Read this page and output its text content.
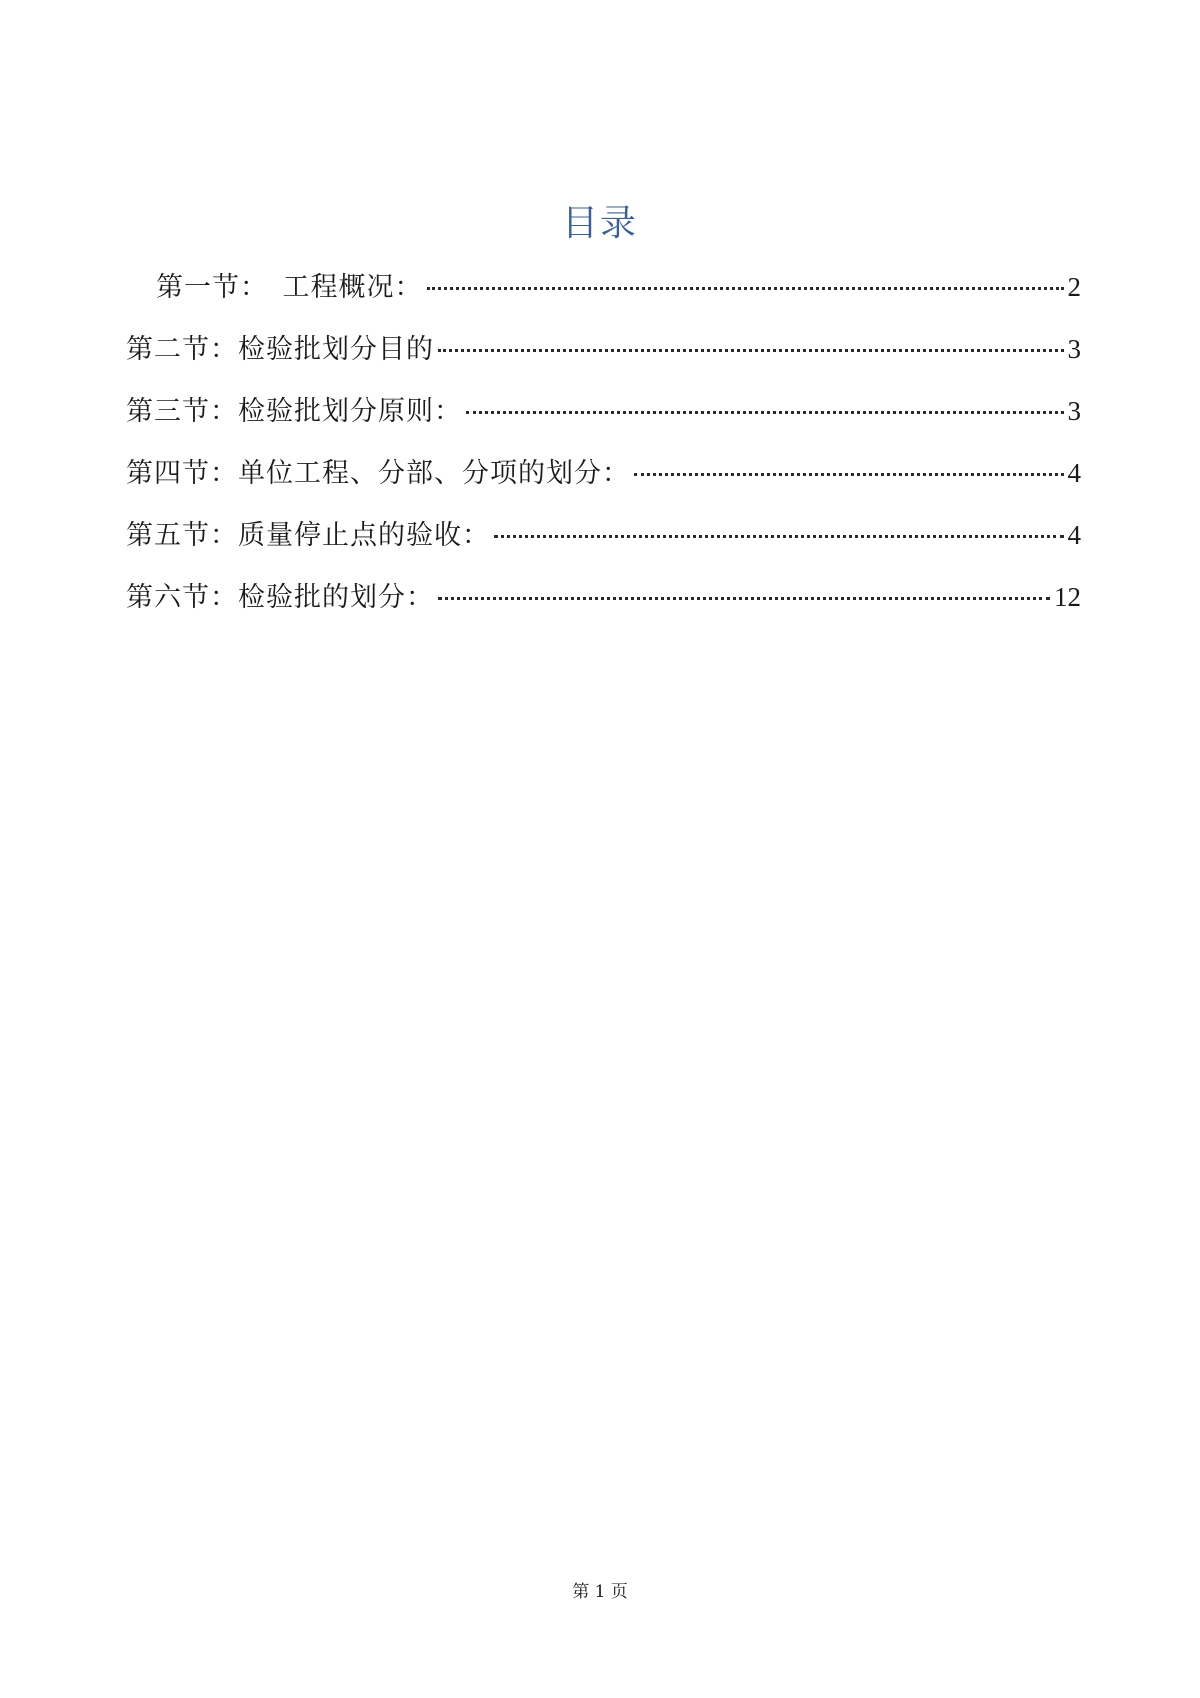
目录
第一节：　工程概况：	2
第二节：检验批划分目的	3
第三节：检验批划分原则：	3
第四节：单位工程、分部、分项的划分：	4
第五节：质量停止点的验收：	4
第六节：检验批的划分：	12
第 1 页
